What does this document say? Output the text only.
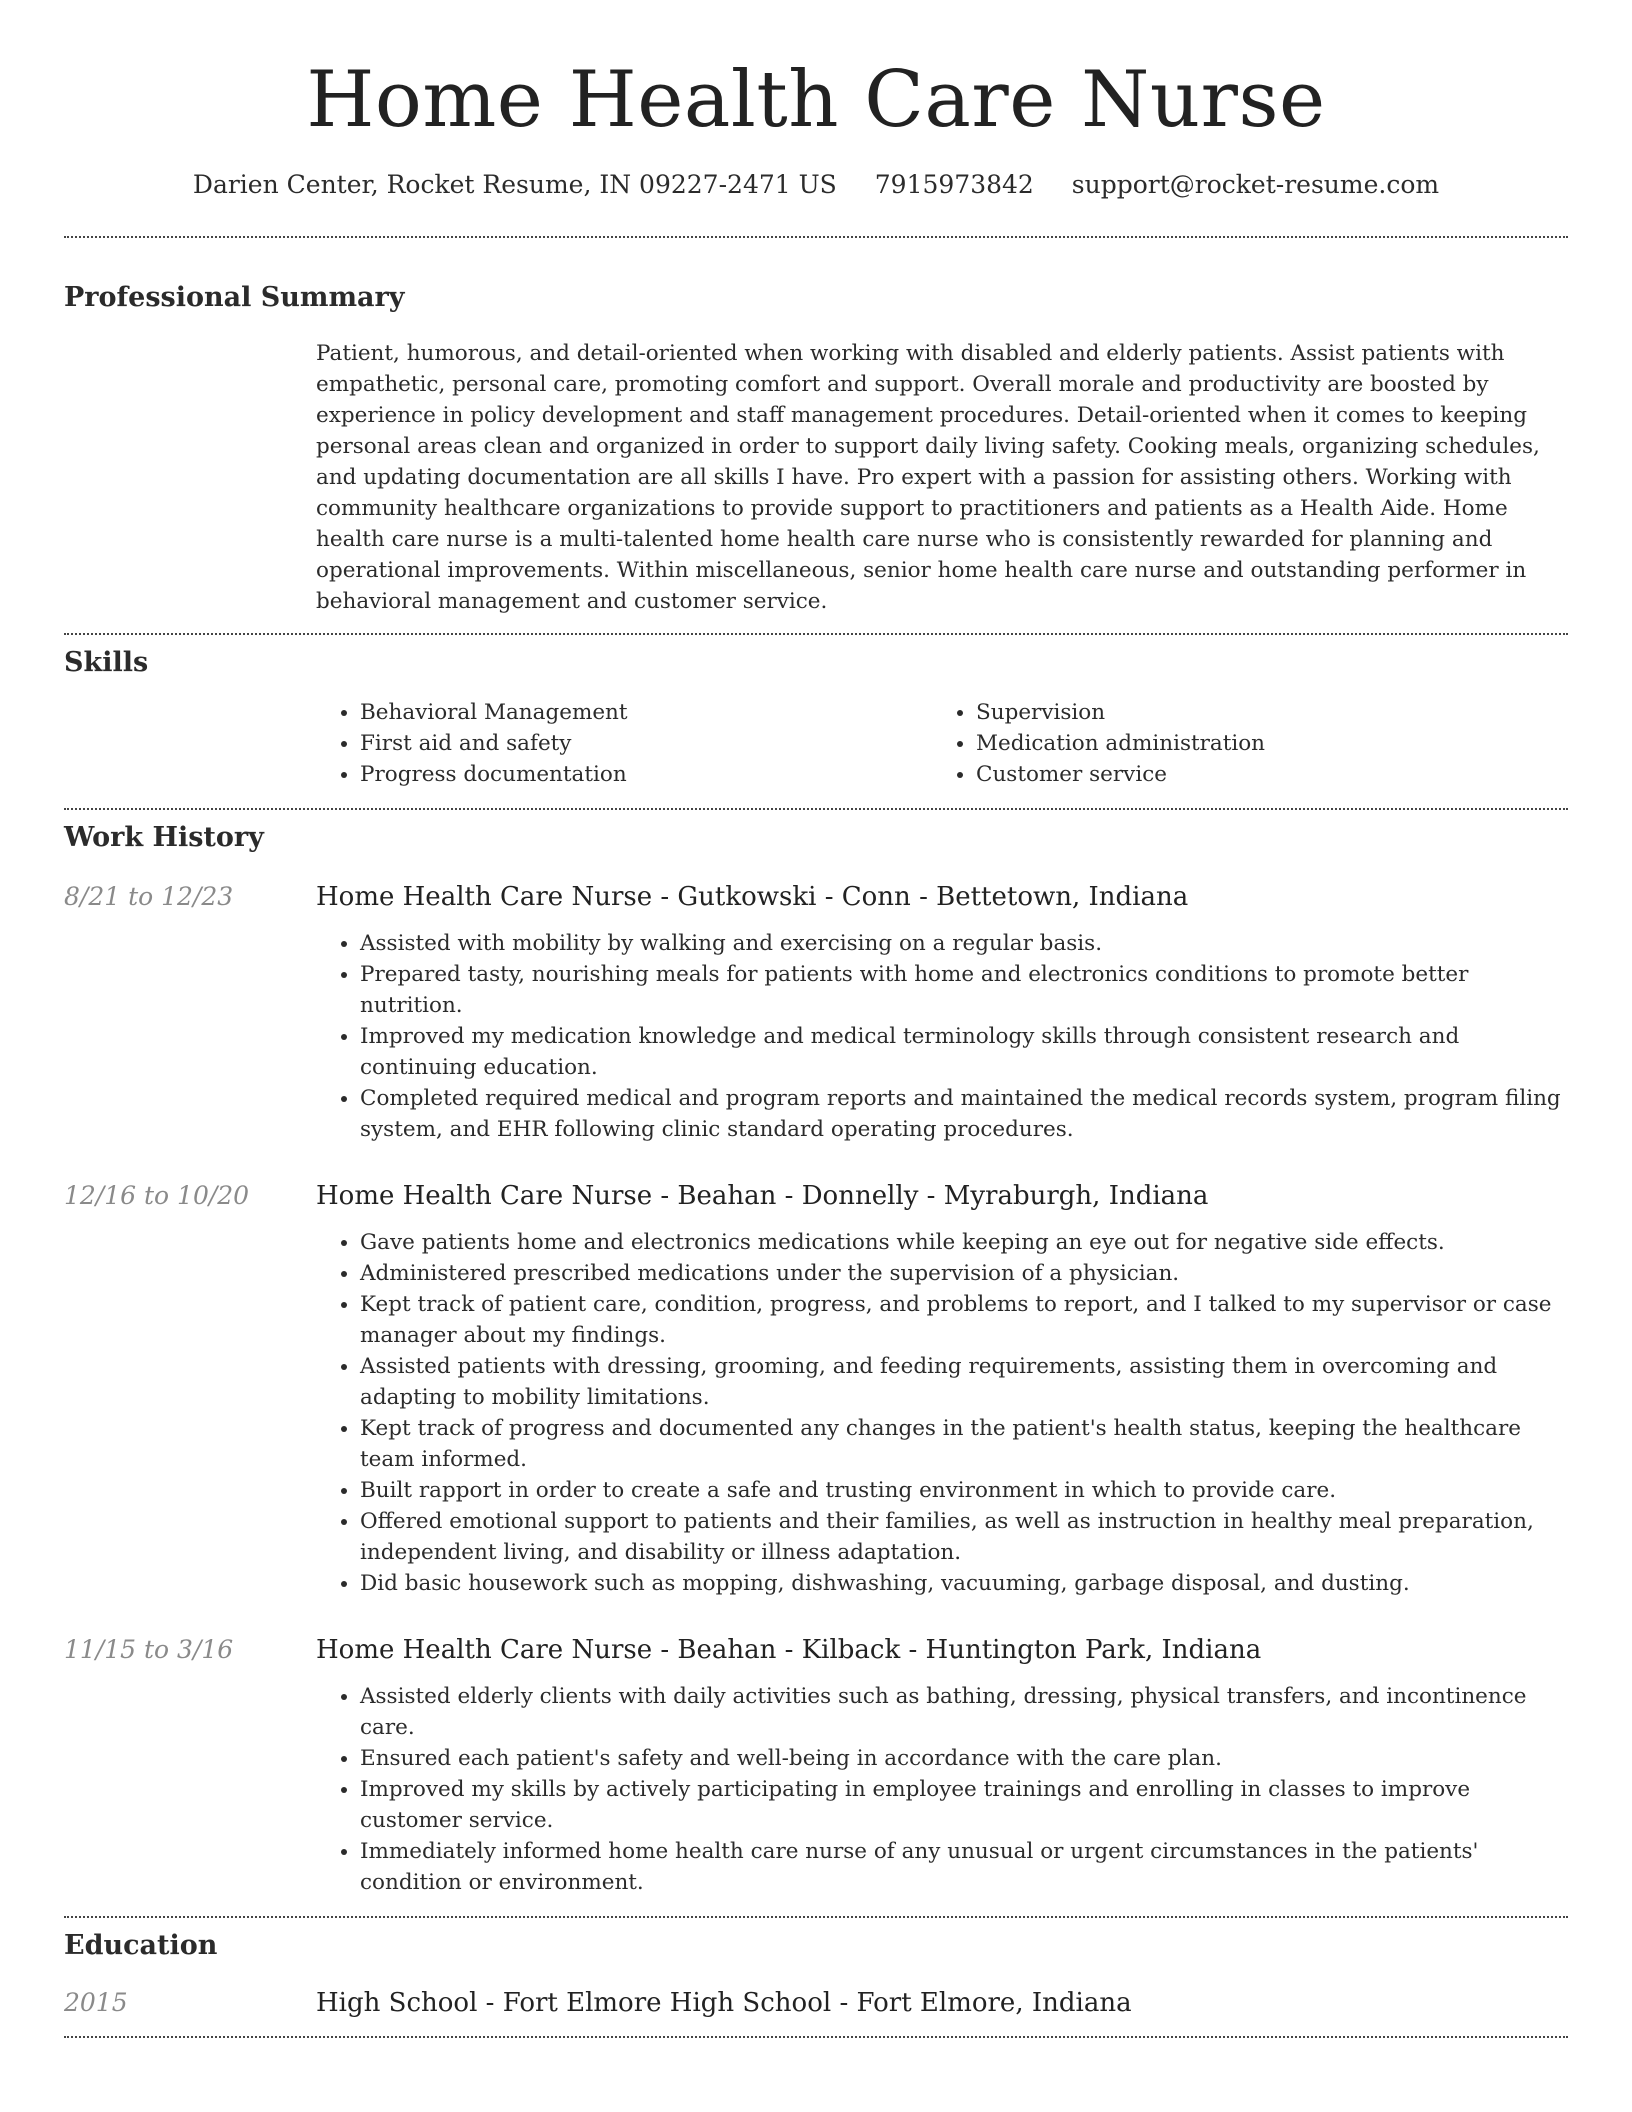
Home Health Care Nurse
Darien Center, Rocket Resume, IN 09227-2471 US 7915973842 support@rocket-resume.com
Professional Summary
Patient, humorous, and detail-oriented when working with disabled and elderly patients. Assist patients with empathetic, personal care, promoting comfort and support. Overall morale and productivity are boosted by experience in policy development and staff management procedures. Detail-oriented when it comes to keeping personal areas clean and organized in order to support daily living safety. Cooking meals, organizing schedules, and updating documentation are all skills I have. Pro expert with a passion for assisting others. Working with community healthcare organizations to provide support to practitioners and patients as a Health Aide. Home health care nurse is a multi-talented home health care nurse who is consistently rewarded for planning and operational improvements. Within miscellaneous, senior home health care nurse and outstanding performer in behavioral management and customer service.
Skills
• Behavioral Management
• First aid and safety
• Progress documentation
• Supervision
• Medication administration
• Customer service
Work History
8/21 to 12/23	Home Health Care Nurse - Gutkowski - Conn - Bettetown, Indiana
• Assisted with mobility by walking and exercising on a regular basis.
• Prepared tasty, nourishing meals for patients with home and electronics conditions to promote better nutrition.
• Improved my medication knowledge and medical terminology skills through consistent research and continuing education.
• Completed required medical and program reports and maintained the medical records system, program filing system, and EHR following clinic standard operating procedures.
12/16 to 10/20	Home Health Care Nurse - Beahan - Donnelly - Myraburgh, Indiana
• Gave patients home and electronics medications while keeping an eye out for negative side effects.
• Administered prescribed medications under the supervision of a physician.
• Kept track of patient care, condition, progress, and problems to report, and I talked to my supervisor or case manager about my findings.
• Assisted patients with dressing, grooming, and feeding requirements, assisting them in overcoming and adapting to mobility limitations.
• Kept track of progress and documented any changes in the patient's health status, keeping the healthcare team informed.
• Built rapport in order to create a safe and trusting environment in which to provide care.
• Offered emotional support to patients and their families, as well as instruction in healthy meal preparation, independent living, and disability or illness adaptation.
• Did basic housework such as mopping, dishwashing, vacuuming, garbage disposal, and dusting.
11/15 to 3/16	Home Health Care Nurse - Beahan - Kilback - Huntington Park, Indiana
• Assisted elderly clients with daily activities such as bathing, dressing, physical transfers, and incontinence care.
• Ensured each patient's safety and well-being in accordance with the care plan.
• Improved my skills by actively participating in employee trainings and enrolling in classes to improve customer service.
• Immediately informed home health care nurse of any unusual or urgent circumstances in the patients' condition or environment.
Education
2015	High School - Fort Elmore High School - Fort Elmore, Indiana
